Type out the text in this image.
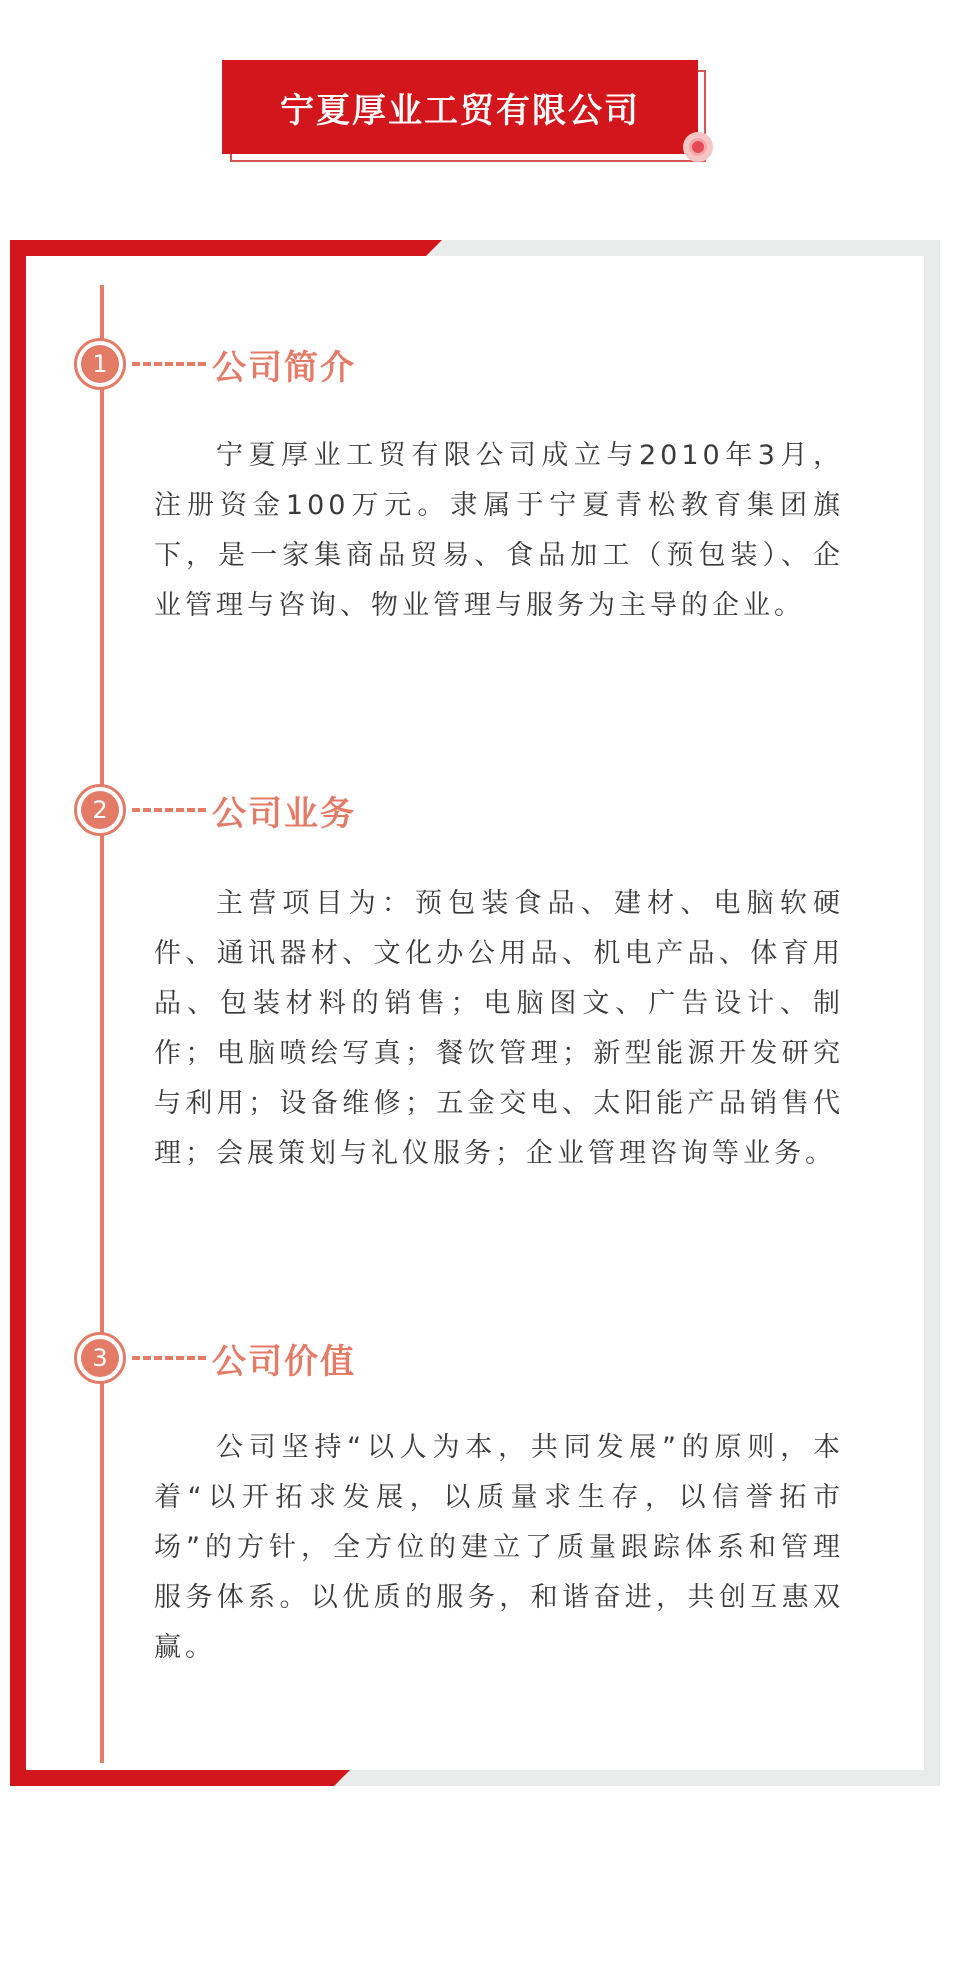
宁夏厚业工贸有限公司
1	公司简介

宁夏厚业工贸有限公司成立与2010年3月，注册资金100万元。隶属于宁夏青松教育集团旗下，是一家集商品贸易、食品加工（预包装）、企业管理与咨询、物业管理与服务为主导的企业。

2	公司业务

主营项目为：预包装食品、建材、电脑软硬件、通讯器材、文化办公用品、机电产品、体育用品、包装材料的销售；电脑图文、广告设计、制作；电脑喷绘写真；餐饮管理；新型能源开发研究与利用；设备维修；五金交电、太阳能产品销售代理；会展策划与礼仪服务；企业管理咨询等业务。

3	公司价值

公司坚持“以人为本，共同发展”的原则，本着“以开拓求发展，以质量求生存，以信誉拓市场”的方针，全方位的建立了质量跟踪体系和管理服务体系。以优质的服务，和谐奋进，共创互惠双赢。
